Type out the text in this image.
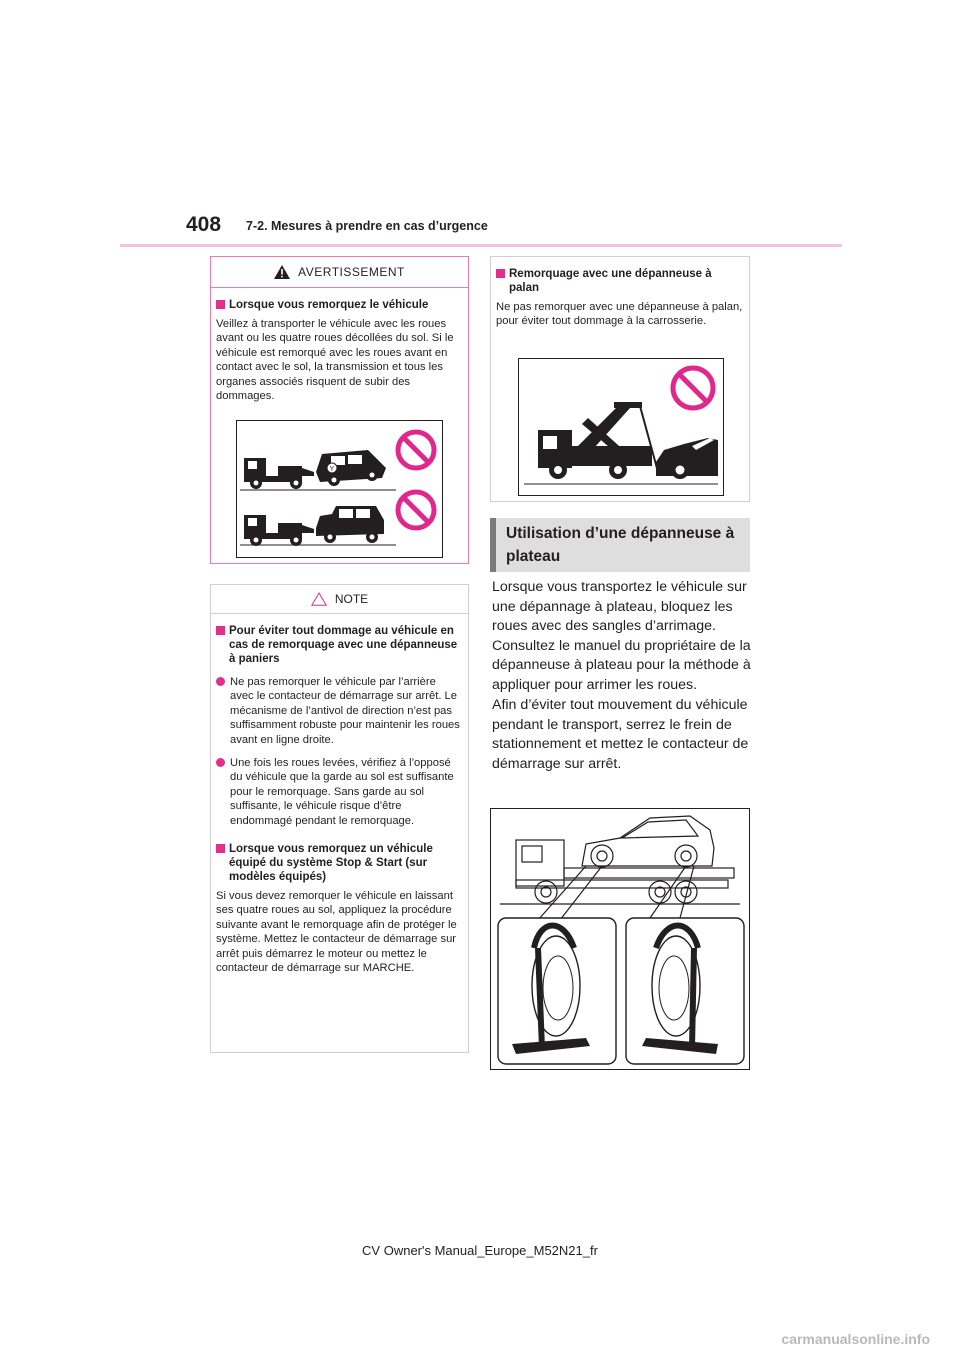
408 7-2. Mesures à prendre en cas d’urgence
AVERTISSEMENT
Lorsque vous remorquez le véhicule

Veillez à transporter le véhicule avec les roues avant ou les quatre roues décollées du sol. Si le véhicule est remorqué avec les roues avant en contact avec le sol, la transmission et tous les organes associés risquent de subir des dommages.

Y
NOTE
Pour éviter tout dommage au véhicule en cas de remorquage avec une dépanneuse à paniers
Ne pas remorquer le véhicule par l’arrière avec le contacteur de démarrage sur arrêt. Le mécanisme de l’antivol de direction n’est pas suffisamment robuste pour maintenir les roues avant en ligne droite.
Une fois les roues levées, vérifiez à l’opposé du véhicule que la garde au sol est suffisante pour le remorquage. Sans garde au sol suffisante, le véhicule risque d’être endommagé pendant le remorquage.
Lorsque vous remorquez un véhicule équipé du système Stop & Start (sur modèles équipés)

Si vous devez remorquer le véhicule en laissant ses quatre roues au sol, appliquez la procédure suivante avant le remorquage afin de protéger le système. Mettez le contacteur de démarrage sur arrêt puis démarrez le moteur ou mettez le contacteur de démarrage sur MARCHE.

Remorquage avec une dépanneuse à palan

Ne pas remorquer avec une dépanneuse à palan, pour éviter tout dommage à la carrosserie.

Utilisation d’une dépanneuse à plateau
Lorsque vous transportez le véhicule sur une dépannage à plateau, bloquez les roues avec des sangles d’arrimage. Consultez le manuel du propriétaire de la dépanneuse à plateau pour la méthode à appliquer pour arrimer les roues.
Afin d’éviter tout mouvement du véhicule pendant le transport, serrez le frein de stationnement et mettez le contacteur de démarrage sur arrêt.
CV Owner's Manual_Europe_M52N21_fr
carmanualsonline.info
